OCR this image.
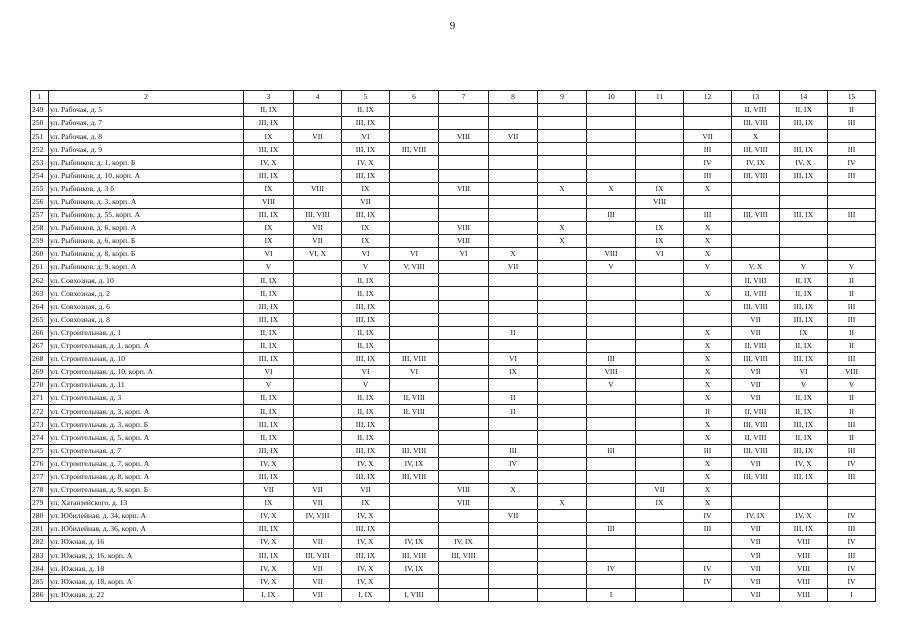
9
1	2	3	4	5	6	7	8	9	10	11	12	13	14	15
249	ул. Рабочая, д. 5	II, IX		II, IX								II, VIII	II, IX	II
250	ул. Рабочая, д. 7	III, IX		III, IX								III, VIII	III, IX	III
251	ул. Рабочая, д. 8	IX	VII	VI		VIII	VII				VII	X		
252	ул. Рабочая, д. 9	III, IX		III, IX	III, VIII						III	III, VIII	III, IX	III
253	ул. Рыбников, д. 1, корп. Б	IV, X		IV, X							IV	IV, IX	IV, X	IV
254	ул. Рыбников, д. 10, корп. А	III, IX		III, IX							III	III, VIII	III, IX	III
255	ул. Рыбников, д. 3 б	IX	VIII	IX		VIII		X	X	IX	X			
256	ул. Рыбников, д. 3, корп. А	VIII		VII						VIII				
257	ул. Рыбников, д. 55, корп. А	III, IX	III, VIII	III, IX					III		III	III, VIII	III, IX	III
258	ул. Рыбников, д. 6, корп. А	IX	VII	IX		VIII		X		IX	X			
259	ул. Рыбников, д. 6, корп. Б	IX	VII	IX		VIII		X		IX	X			
260	ул. Рыбников, д. 8, корп. Б	VI	VI, X	VI	VI	VI	X		VIII	VI	X			
261	ул. Рыбников, д. 9, корп. А	V		V	V, VIII		VII		V		V	V, X	V	V
262	ул. Совхозная, д. 10	II, IX		II, IX								II, VIII	II, IX	II
263	ул. Совхозная, д. 2	II, IX		II, IX							X	II, VIII	II, IX	II
264	ул. Совхозная, д. 6	III, IX		III, IX								III, VIII	III, IX	III
265	ул. Совхозная, д. 8	III, IX		III, IX								VII	III, IX	III
266	ул. Строительная, д. 1	II, IX		II, IX			II				X	VII	IX	II
267	ул. Строительная, д. 1, корп. А	II, IX		II, IX							X	II, VIII	II, IX	II
268	ул. Строительная, д. 10	III, IX		III, IX	III, VIII		VI		III		X	III, VIII	III, IX	III
269	ул. Строительная, д. 10, корп. А	VI		VI	VI		IX		VIII		X	VII	VI	VIII
270	ул. Строительная, д. 11	V		V					V		X	VII	V	V
271	ул. Строительная, д. 3	II, IX		II, IX	II, VIII		II				X	VII	II, IX	II
272	ул. Строительная, д. 3, корп. А	II, IX		II, IX	II, VIII		II				II	II, VIII	II, IX	II
273	ул. Строительная, д. 3, корп. Б	III, IX		III, IX							X	III, VIII	III, IX	III
274	ул. Строительная, д. 5, корп. А	II, IX		II, IX							X	II, VIII	II, IX	II
275	ул. Строительная, д. 7	III, IX		III, IX	III, VIII		III		III		III	III, VIII	III, IX	III
276	ул. Строительная, д. 7, корп. А	IV, X		IV, X	IV, IX		IV				X	VII	IV, X	IV
277	ул. Строительная, д. 8, корп. А	III, IX		III, IX	III, VIII						X	III, VIII	III, IX	III
278	ул. Строительная, д. 9, корп. Б	VII	VII	VII		VIII	X			VII	X			
279	ул. Хатанзейского, д. 13	IX	VII	IX		VIII		X		IX	X			
280	ул. Юбилейная, д. 34, корп. А	IV, X	IV, VIII	IV, X			VII				IV	IV, IX	IV, X	IV
281	ул. Юбилейная, д. 36, корп. А	III, IX		III, IX					III		III	VII	III, IX	III
282	ул. Южная, д. 16	IV, X	VII	IV, X	IV, IX	IV, IX						VII	VIII	IV
283	ул. Южная, д. 16, корп. А	III, IX	III, VIII	III, IX	III, VIII	III, VIII						VII	VIII	III
284	ул. Южная, д. 18	IV, X	VII	IV, X	IV, IX				IV		IV	VII	VIII	IV
285	ул. Южная, д. 18, корп. А	IV, X	VII	IV, X							IV	VII	VIII	IV
286	ул. Южная, д. 22	I, IX	VII	I, IX	I, VIII				I			VII	VIII	I
